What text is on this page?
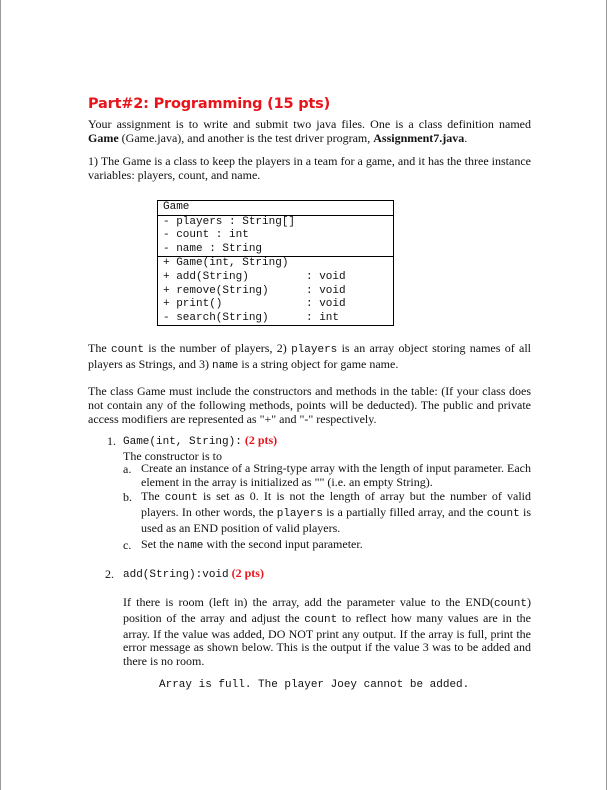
Part#2: Programming (15 pts)
Your assignment is to write and submit two java files. One is a class definition named Game (Game.java), and another is the test driver program, Assignment7.java.
1) The Game is a class to keep the players in a team for a game, and it has the three instance variables: players, count, and name.
Game

- players : String[]
- count : int
- name : String

+ Game(int, String)
+ add(String)	: void
+ remove(String)	: void
+ print()	: void
- search(String)	: int
The count is the number of players, 2) players is an array object storing names of all players as Strings, and 3) name is a string object for game name.
The class Game must include the constructors and methods in the table: (If your class does not contain any of the following methods, points will be deducted). The public and private access modifiers are represented as "+" and "-" respectively.
1. Game(int, String): (2 pts)
The constructor is to
a. Create an instance of a String-type array with the length of input parameter. Each element in the array is initialized as "" (i.e. an empty String).
b. The count is set as 0. It is not the length of array but the number of valid players. In other words, the players is a partially filled array, and the count is used as an END position of valid players.
c. Set the name with the second input parameter.
2. add(String):void (2 pts)
If there is room (left in) the array, add the parameter value to the END(count) position of the array and adjust the count to reflect how many values are in the array. If the value was added, DO NOT print any output. If the array is full, print the error message as shown below. This is the output if the value 3 was to be added and there is no room.
Array is full. The player Joey cannot be added.
